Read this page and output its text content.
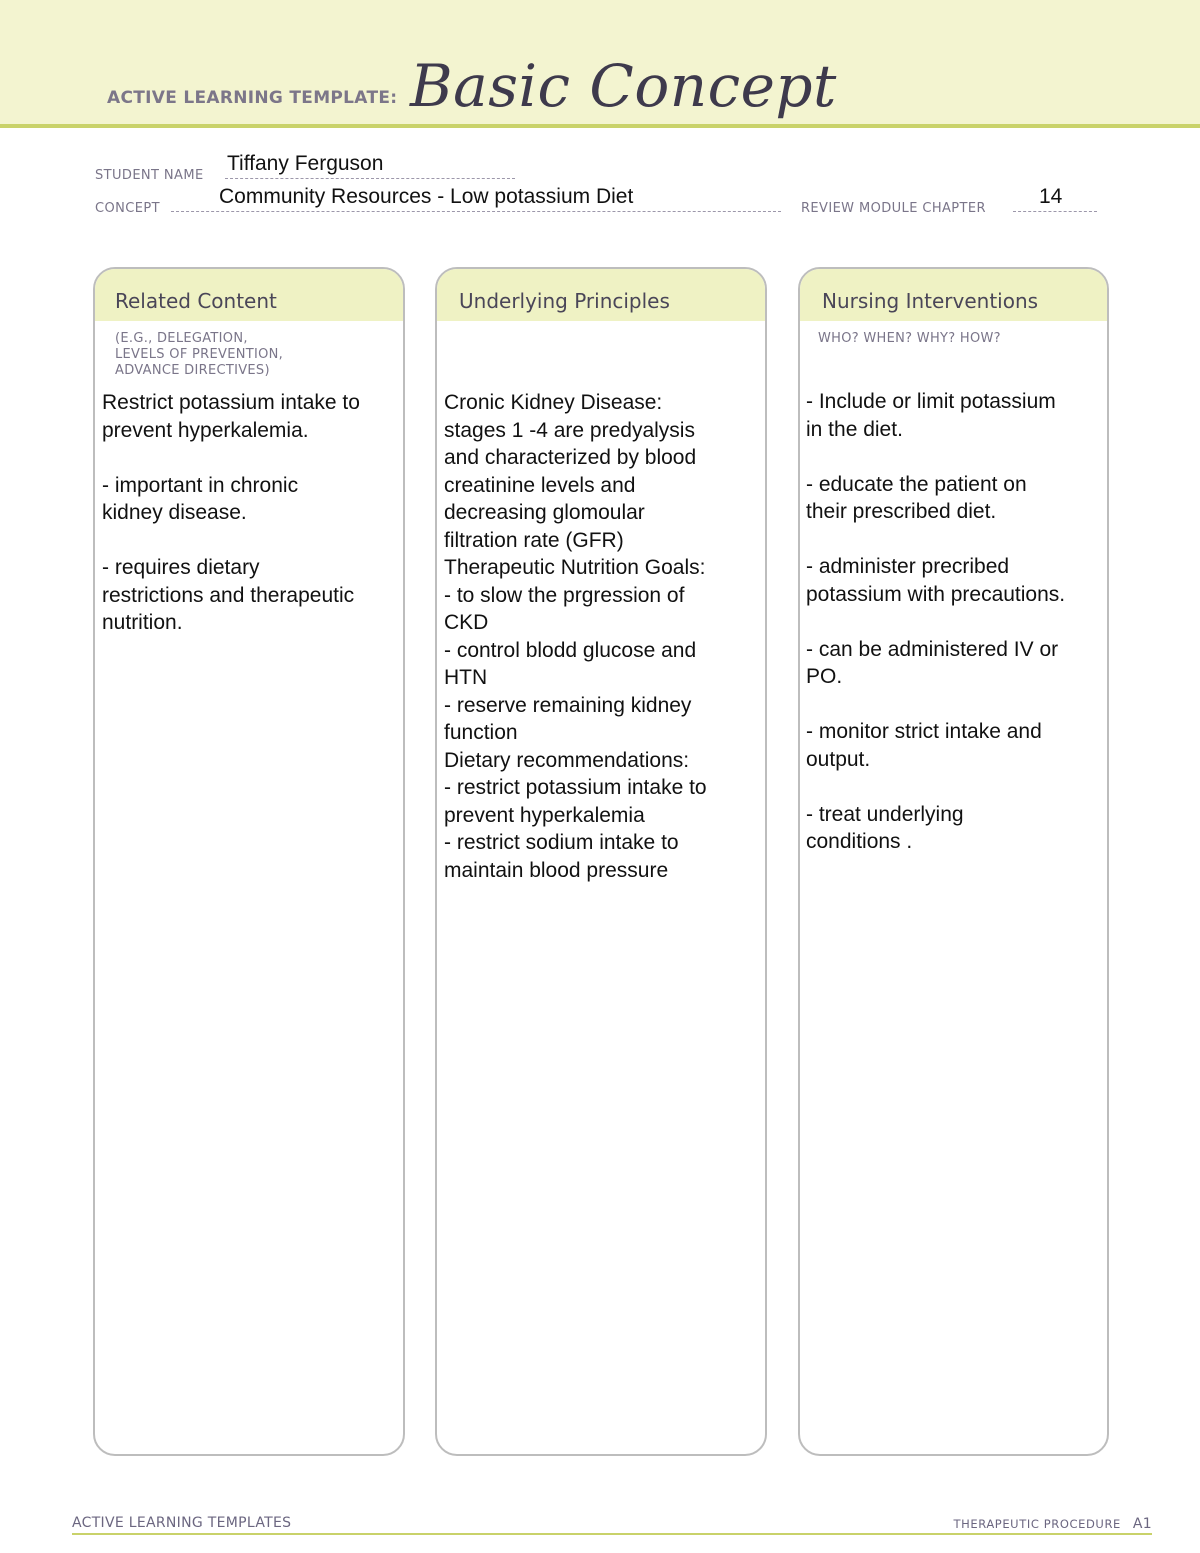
ACTIVE LEARNING TEMPLATE: Basic Concept
STUDENT NAME
Tiffany Ferguson
CONCEPT
Community Resources - Low potassium Diet
REVIEW MODULE CHAPTER
14
Related Content
(E.G., DELEGATION,
LEVELS OF PREVENTION,
ADVANCE DIRECTIVES)
Restrict potassium intake to
prevent hyperkalemia.
- important in chronic
kidney disease.
- requires dietary
restrictions and therapeutic
nutrition.
Underlying Principles
Cronic Kidney Disease:
stages 1 -4 are predyalysis
and characterized by blood
creatinine levels and
decreasing glomoular
filtration rate (GFR)
Therapeutic Nutrition Goals:
- to slow the prgression of
CKD
- control blodd glucose and
HTN
- reserve remaining kidney
function
Dietary recommendations:
- restrict potassium intake to
prevent hyperkalemia
- restrict sodium intake to
maintain blood pressure
Nursing Interventions
WHO? WHEN? WHY? HOW?
- Include or limit potassium
in the diet.
- educate the patient on
their prescribed diet.
- administer precribed
potassium with precautions.
- can be administered IV or
PO.
- monitor strict intake and
output.
- treat underlying
conditions .
ACTIVE LEARNING TEMPLATES	THERAPEUTIC PROCEDURE A1
